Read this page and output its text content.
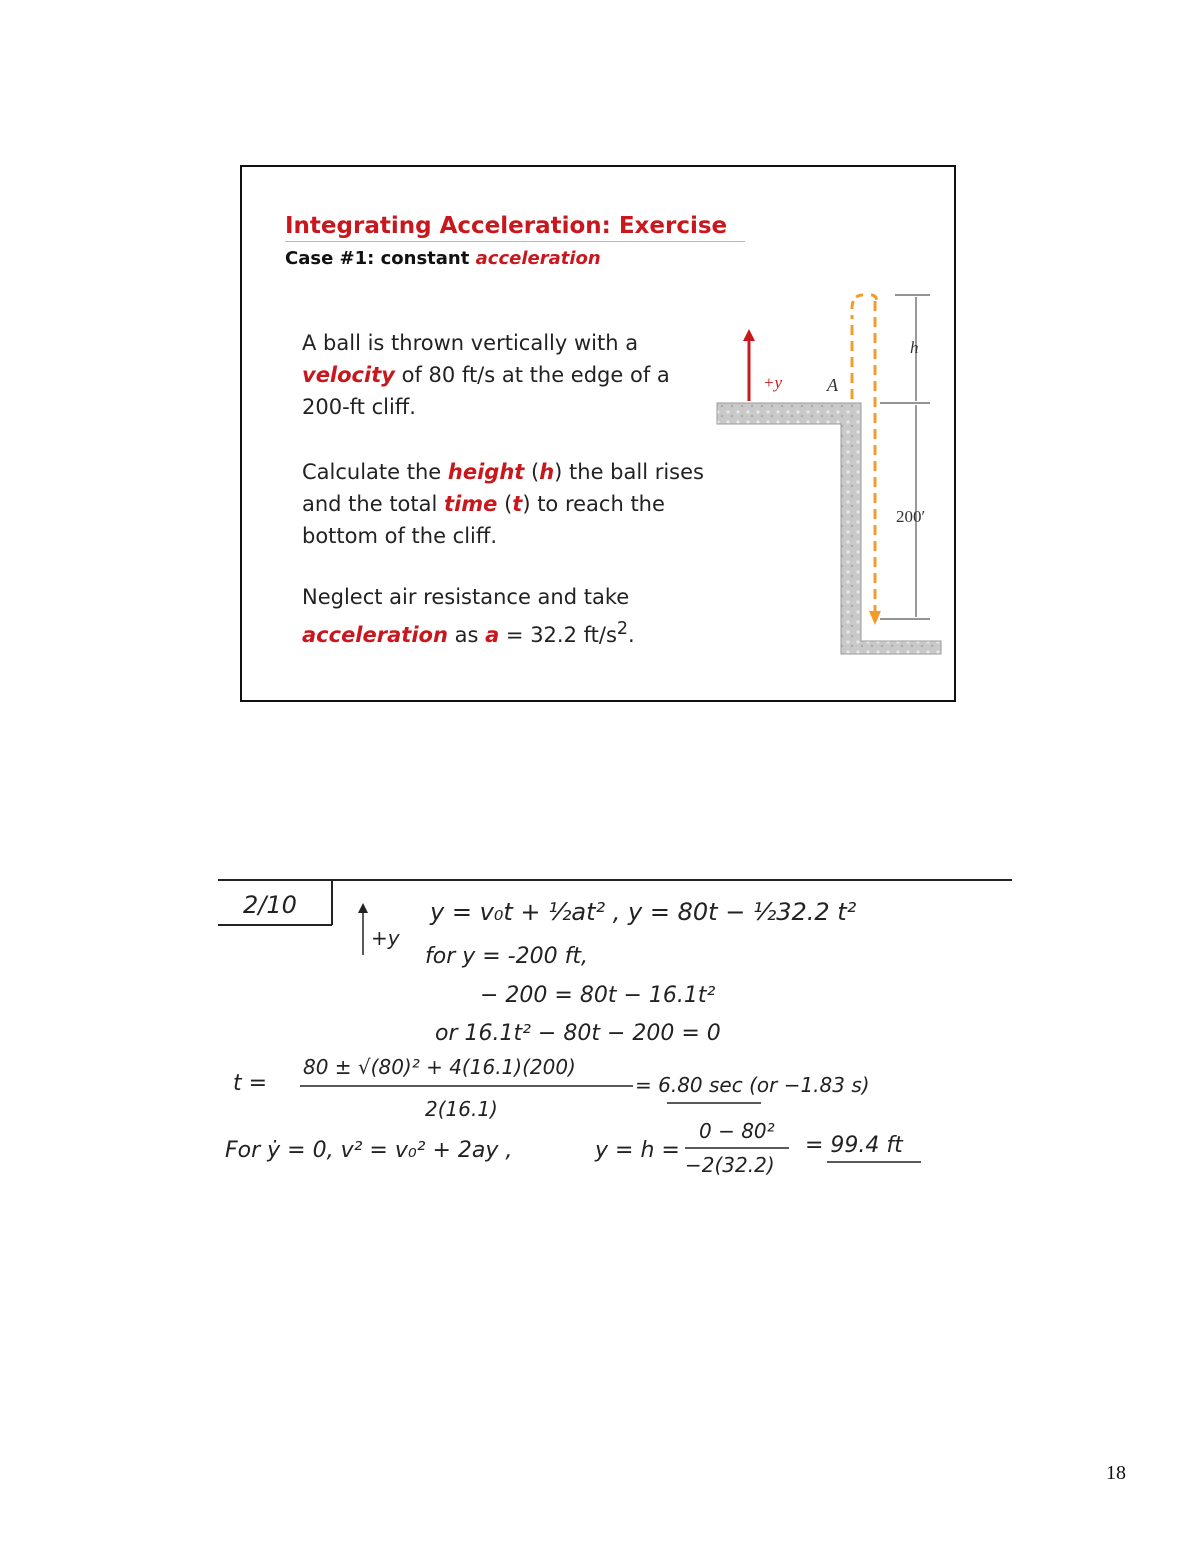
Integrating Acceleration: Exercise
Case #1: constant acceleration

A ball is thrown vertically with a velocity of 80 ft/s at the edge of a 200-ft cliff.

Calculate the height (h) the ball rises and the total time (t) to reach the bottom of the cliff.

Neglect air resistance and take acceleration as a = 32.2 $ft/s^2$.

+y A
h
200′
2/10
+y
y = v₀t + ½at² , y = 80t − ½32.2 t²
for y = -200 ft,
− 200 = 80t − 16.1t²
or 16.1t² − 80t − 200 = 0
t =
80 ± √(80)² + 4(16.1)(200)
2(16.1)
= 6.80 sec (or −1.83 s)
For ẏ = 0, v² = v₀² + 2ay ,	y = h =
0 − 80²
−2(32.2)
= 99.4 ft
18
